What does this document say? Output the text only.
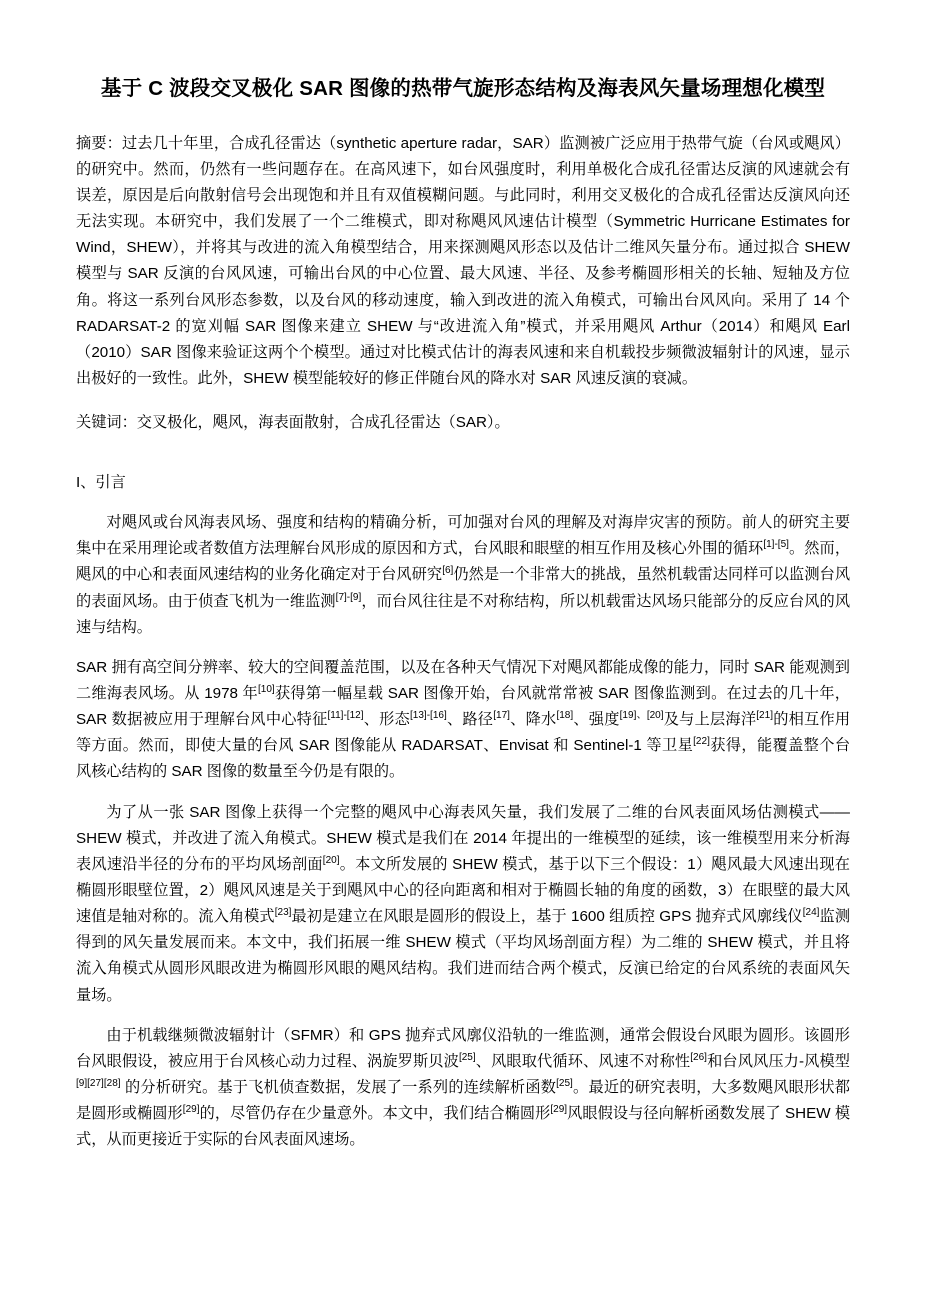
基于 C 波段交叉极化 SAR 图像的热带气旋形态结构及海表风矢量场理想化模型

摘要：过去几十年里，合成孔径雷达（synthetic aperture radar，SAR）监测被广泛应用于热带气旋（台风或飓风）的研究中。然而，仍然有一些问题存在。在高风速下，如台风强度时，利用单极化合成孔径雷达反演的风速就会有误差，原因是后向散射信号会出现饱和并且有双值模糊问题。与此同时，利用交叉极化的合成孔径雷达反演风向还无法实现。本研究中，我们发展了一个二维模式，即对称飓风风速估计模型（Symmetric Hurricane Estimates for Wind，SHEW），并将其与改进的流入角模型结合，用来探测飓风形态以及估计二维风矢量分布。通过拟合 SHEW 模型与 SAR 反演的台风风速，可输出台风的中心位置、最大风速、半径、及参考椭圆形相关的长轴、短轴及方位角。将这一系列台风形态参数，以及台风的移动速度，输入到改进的流入角模式，可输出台风风向。采用了 14 个 RADARSAT-2 的宽刈幅 SAR 图像来建立 SHEW 与“改进流入角”模式，并采用飓风 Arthur（2014）和飓风 Earl（2010）SAR 图像来验证这两个个模型。通过对比模式估计的海表风速和来自机载投步频微波辐射计的风速，显示出极好的一致性。此外，SHEW 模型能较好的修正伴随台风的降水对 SAR 风速反演的衰减。

关键词：交叉极化，飓风，海表面散射，合成孔径雷达（SAR）。

I、引言

对飓风或台风海表风场、强度和结构的精确分析，可加强对台风的理解及对海岸灾害的预防。前人的研究主要集中在采用理论或者数值方法理解台风形成的原因和方式，台风眼和眼壁的相互作用及核心外围的循环[1]-[5]。然而，飓风的中心和表面风速结构的业务化确定对于台风研究[6]仍然是一个非常大的挑战，虽然机载雷达同样可以监测台风的表面风场。由于侦查飞机为一维监测[7]-[9]，而台风往往是不对称结构，所以机载雷达风场只能部分的反应台风的风速与结构。

SAR 拥有高空间分辨率、较大的空间覆盖范围，以及在各种天气情况下对飓风都能成像的能力，同时 SAR 能观测到二维海表风场。从 1978 年[10]获得第一幅星载 SAR 图像开始，台风就常常被 SAR 图像监测到。在过去的几十年，SAR 数据被应用于理解台风中心特征[11]-[12]、形态[13]-[16]、路径[17]、降水[18]、强度[19]、[20]及与上层海洋[21]的相互作用等方面。然而，即使大量的台风 SAR 图像能从 RADARSAT、Envisat 和 Sentinel-1 等卫星[22]获得，能覆盖整个台风核心结构的 SAR 图像的数量至今仍是有限的。

为了从一张 SAR 图像上获得一个完整的飓风中心海表风矢量，我们发展了二维的台风表面风场估测模式——SHEW 模式，并改进了流入角模式。SHEW 模式是我们在 2014 年提出的一维模型的延续，该一维模型用来分析海表风速沿半径的分布的平均风场剖面[20]。本文所发展的 SHEW 模式，基于以下三个假设：1）飓风最大风速出现在椭圆形眼壁位置，2）飓风风速是关于到飓风中心的径向距离和相对于椭圆长轴的角度的函数，3）在眼壁的最大风速值是轴对称的。流入角模式[23]最初是建立在风眼是圆形的假设上，基于 1600 组质控 GPS 抛弃式风廓线仪[24]监测得到的风矢量发展而来。本文中，我们拓展一维 SHEW 模式（平均风场剖面方程）为二维的 SHEW 模式，并且将流入角模式从圆形风眼改进为椭圆形风眼的飓风结构。我们进而结合两个模式，反演已给定的台风系统的表面风矢量场。

由于机载继频微波辐射计（SFMR）和 GPS 抛弃式风廓仪沿轨的一维监测，通常会假设台风眼为圆形。该圆形台风眼假设，被应用于台风核心动力过程、涡旋罗斯贝波[25]、风眼取代循环、风速不对称性[26]和台风风压力-风模型[9][27][28] 的分析研究。基于飞机侦查数据，发展了一系列的连续解析函数[25]。最近的研究表明，大多数飓风眼形状都是圆形或椭圆形[29]的，尽管仍存在少量意外。本文中，我们结合椭圆形[29]风眼假设与径向解析函数发展了 SHEW 模式，从而更接近于实际的台风表面风速场。
